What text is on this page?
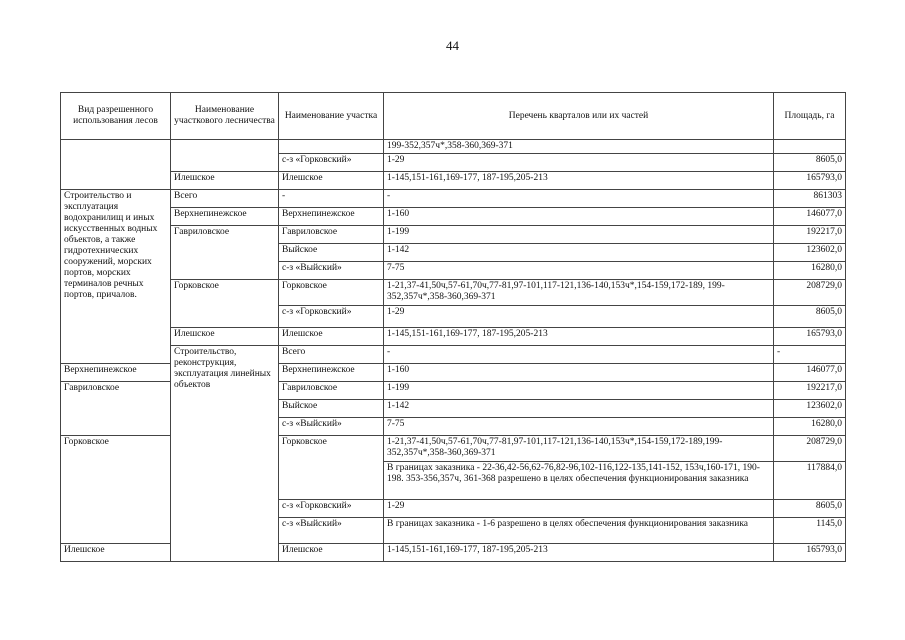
44
Вид разрешенного использования лесов	Наименование участкового лесничества	Наименование участка	Перечень кварталов или их частей	Площадь, га	
			199-352,357ч*,358-360,369-371		
		с-з «Горковский»	1-29	8605,0	
	Илешское	Илешское	1-145,151-161,169-177, 187-195,205-213	165793,0	
Строительство и эксплуатация водохранилищ и иных искусственных водных объектов, а также гидротехнических сооружений, морских портов, морских терминалов речных портов, причалов.	Всего	-	-	861303	
	Верхнепинежское	Верхнепинежское	1-160	146077,0	
	Гавриловское	Гавриловское	1-199	192217,0	
		Выйское	1-142	123602,0	
		с-з «Выйский»	7-75	16280,0	
	Горковское	Горковское	1-21,37-41,50ч,57-61,70ч,77-81,97-101,117-121,136-140,153ч*,154-159,172-189, 199-352,357ч*,358-360,369-371	208729,0	
		с-з «Горковский»	1-29	8605,0	
	Илешское	Илешское	1-145,151-161,169-177, 187-195,205-213	165793,0	
	Строительство, реконструкция, эксплуатация линейных объектов	Всего	-	-	
Верхнепинежское		Верхнепинежское	1-160	146077,0	
Гавриловское		Гавриловское	1-199	192217,0	
		Выйское	1-142	123602,0	
		с-з «Выйский»	7-75	16280,0	
Горковское		Горковское	1-21,37-41,50ч,57-61,70ч,77-81,97-101,117-121,136-140,153ч*,154-159,172-189,199-352,357ч*,358-360,369-371	208729,0	
			В границах заказника - 22-36,42-56,62-76,82-96,102-116,122-135,141-152, 153ч,160-171, 190-198. 353-356,357ч, 361-368 разрешено в целях обеспечения функционирования заказника	117884,0	
		с-з «Горковский»	1-29	8605,0	
		с-з «Выйский»	В границах заказника - 1-6 разрешено в целях обеспечения функционирования заказника	1145,0	
Илешское		Илешское	1-145,151-161,169-177, 187-195,205-213	165793,0	
